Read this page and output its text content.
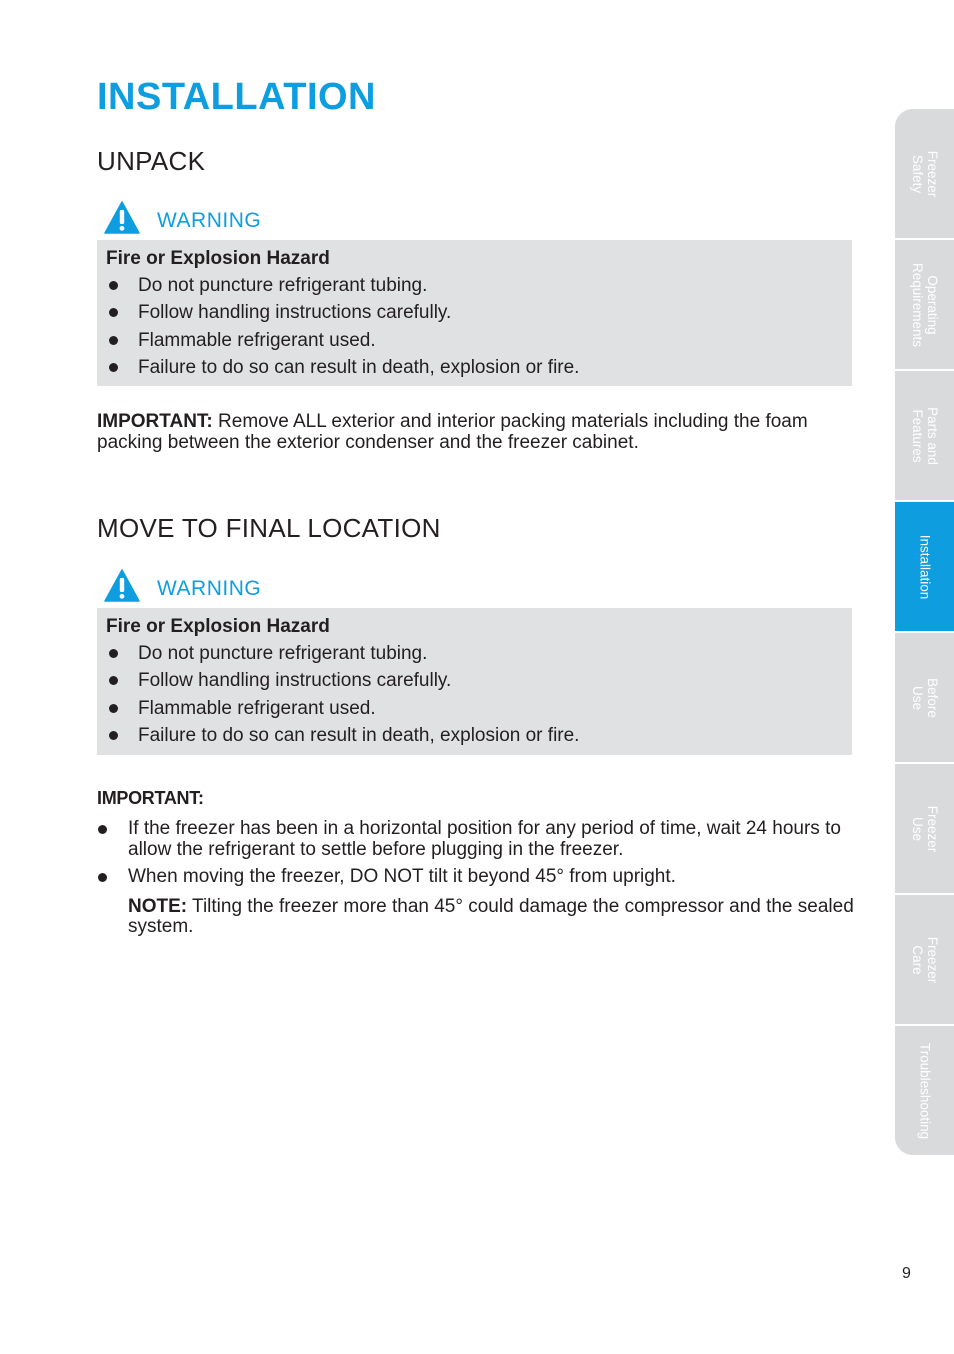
INSTALLATION
UNPACK
WARNING
Fire or Explosion Hazard
Do not puncture refrigerant tubing.
Follow handling instructions carefully.
Flammable refrigerant used.
Failure to do so can result in death, explosion or fire.
IMPORTANT: Remove ALL exterior and interior packing materials including the foam packing between the exterior condenser and the freezer cabinet.
MOVE TO FINAL LOCATION
WARNING
Fire or Explosion Hazard
Do not puncture refrigerant tubing.
Follow handling instructions carefully.
Flammable refrigerant used.
Failure to do so can result in death, explosion or fire.
IMPORTANT:
If the freezer has been in a horizontal position for any period of time, wait 24 hours to allow the refrigerant to settle before plugging in the freezer.
When moving the freezer, DO NOT tilt it beyond 45° from upright.
NOTE: Tilting the freezer more than 45° could damage the compressor and the sealed system.
Freezer
Safety
Operating
Requirements
Parts and
Features
Installation
Before
Use
Freezer
Use
Freezer
Care
Troubleshooting
9
